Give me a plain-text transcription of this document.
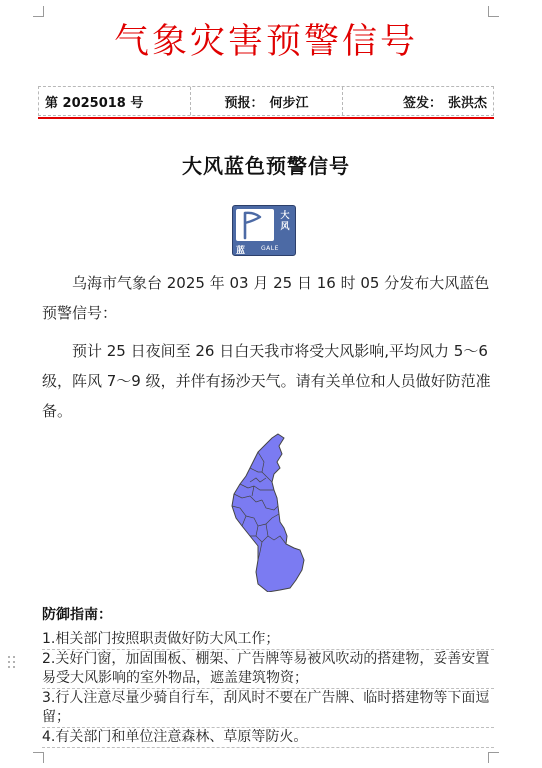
气象灾害预警信号
第 2025018 号	预报： 何步江	签发： 张洪杰
大风蓝色预警信号
大
风
蓝	GALE
乌海市气象台 2025 年 03 月 25 日 16 时 05 分发布大风蓝色预警信号：
预计 25 日夜间至 26 日白天我市将受大风影响,平均风力 5～6 级，阵风 7～9 级，并伴有扬沙天气。请有关单位和人员做好防范准备。
防御指南：
1.相关部门按照职责做好防大风工作；
2.关好门窗，加固围板、棚架、广告牌等易被风吹动的搭建物，妥善安置易受大风影响的室外物品，遮盖建筑物资；
3.行人注意尽量少骑自行车，刮风时不要在广告牌、临时搭建物等下面逗留；
4.有关部门和单位注意森林、草原等防火。
